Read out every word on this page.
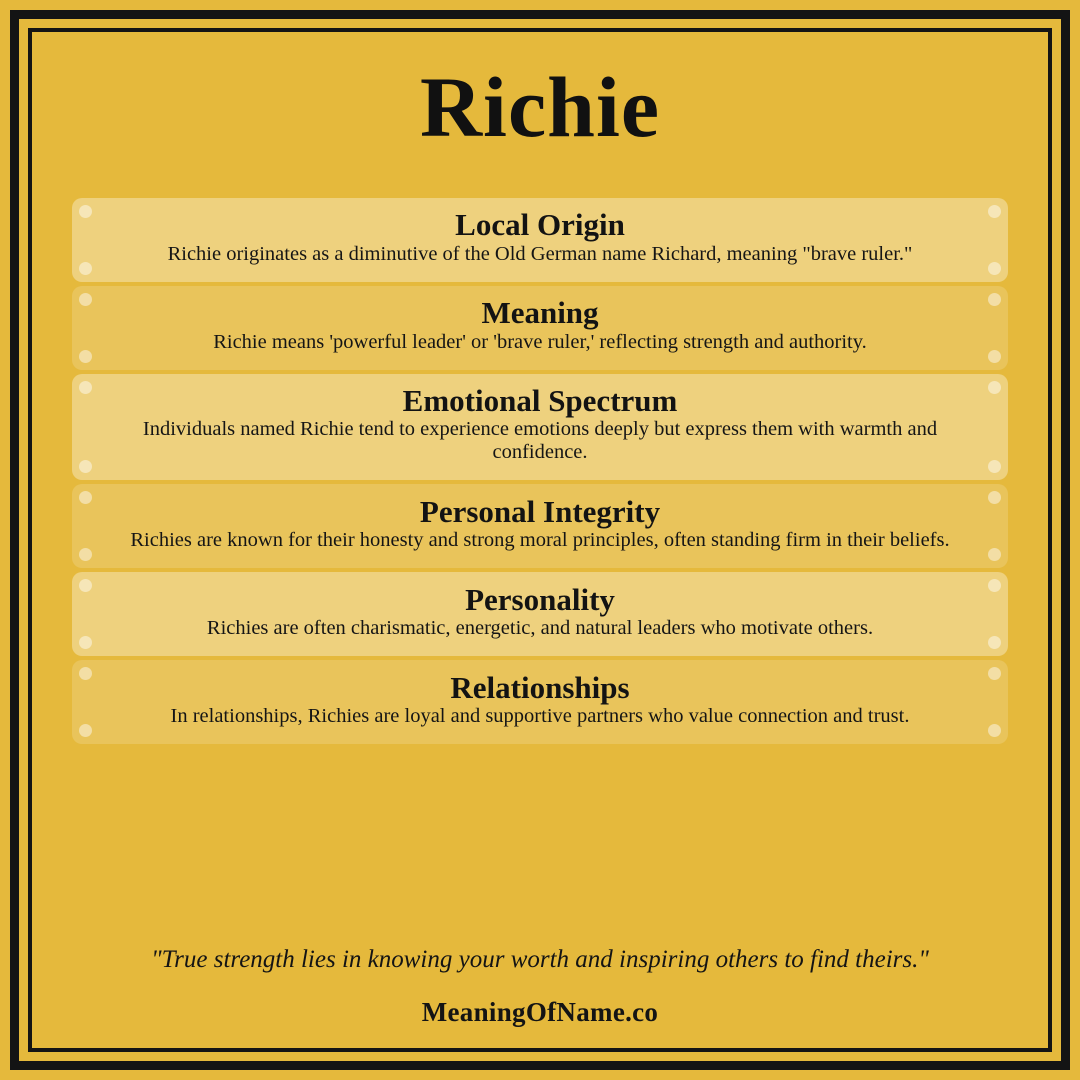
Richie
Local Origin
Richie originates as a diminutive of the Old German name Richard, meaning "brave ruler."
Meaning
Richie means 'powerful leader' or 'brave ruler,' reflecting strength and authority.
Emotional Spectrum
Individuals named Richie tend to experience emotions deeply but express them with warmth and confidence.
Personal Integrity
Richies are known for their honesty and strong moral principles, often standing firm in their beliefs.
Personality
Richies are often charismatic, energetic, and natural leaders who motivate others.
Relationships
In relationships, Richies are loyal and supportive partners who value connection and trust.

"True strength lies in knowing your worth and inspiring others to find theirs."

MeaningOfName.co
